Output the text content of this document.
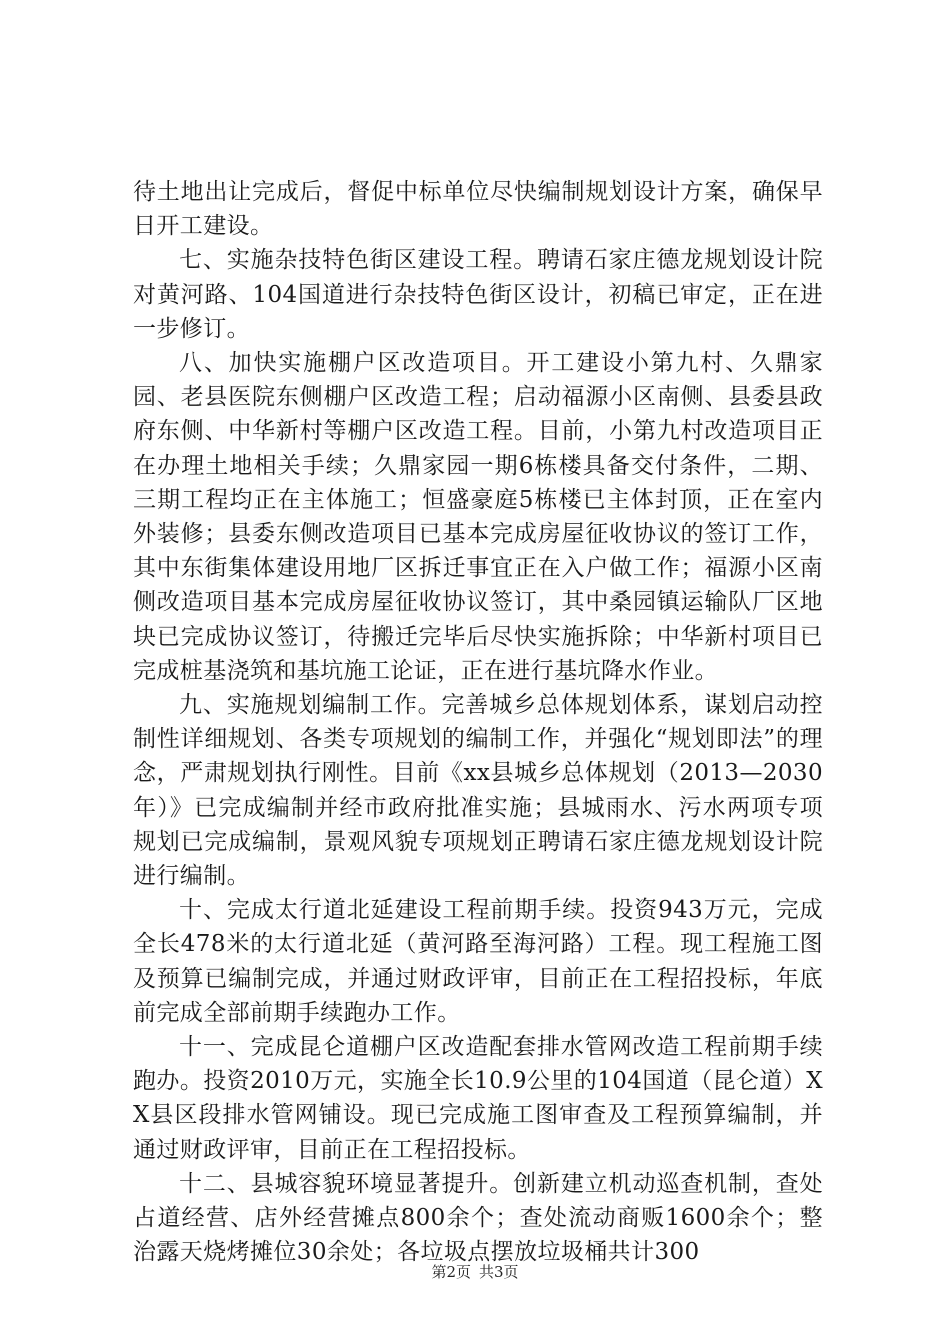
待土地出让完成后，督促中标单位尽快编制规划设计方案，确保早日开工建设。

七、实施杂技特色街区建设工程。聘请石家庄德龙规划设计院对黄河路、104国道进行杂技特色街区设计，初稿已审定，正在进一步修订。

八、加快实施棚户区改造项目。开工建设小第九村、久鼎家园、老县医院东侧棚户区改造工程；启动福源小区南侧、县委县政府东侧、中华新村等棚户区改造工程。目前，小第九村改造项目正在办理土地相关手续；久鼎家园一期6栋楼具备交付条件，二期、三期工程均正在主体施工；恒盛豪庭5栋楼已主体封顶，正在室内外装修；县委东侧改造项目已基本完成房屋征收协议的签订工作，其中东街集体建设用地厂区拆迁事宜正在入户做工作；福源小区南侧改造项目基本完成房屋征收协议签订，其中桑园镇运输队厂区地块已完成协议签订，待搬迁完毕后尽快实施拆除；中华新村项目已完成桩基浇筑和基坑施工论证，正在进行基坑降水作业。

九、实施规划编制工作。完善城乡总体规划体系，谋划启动控制性详细规划、各类专项规划的编制工作，并强化“规划即法”的理念，严肃规划执行刚性。目前《xx县城乡总体规划（2013—2030年）》已完成编制并经市政府批准实施；县城雨水、污水两项专项规划已完成编制，景观风貌专项规划正聘请石家庄德龙规划设计院进行编制。

十、完成太行道北延建设工程前期手续。投资943万元，完成全长478米的太行道北延（黄河路至海河路）工程。现工程施工图及预算已编制完成，并通过财政评审，目前正在工程招投标，年底前完成全部前期手续跑办工作。

十一、完成昆仑道棚户区改造配套排水管网改造工程前期手续跑办。投资2010万元，实施全长10.9公里的104国道（昆仑道）XX县区段排水管网铺设。现已完成施工图审查及工程预算编制，并通过财政评审，目前正在工程招投标。

十二、县城容貌环境显著提升。创新建立机动巡查机制，查处占道经营、店外经营摊点800余个；查处流动商贩1600余个；整治露天烧烤摊位30余处；各垃圾点摆放垃圾桶共计300

第2页 共3页
